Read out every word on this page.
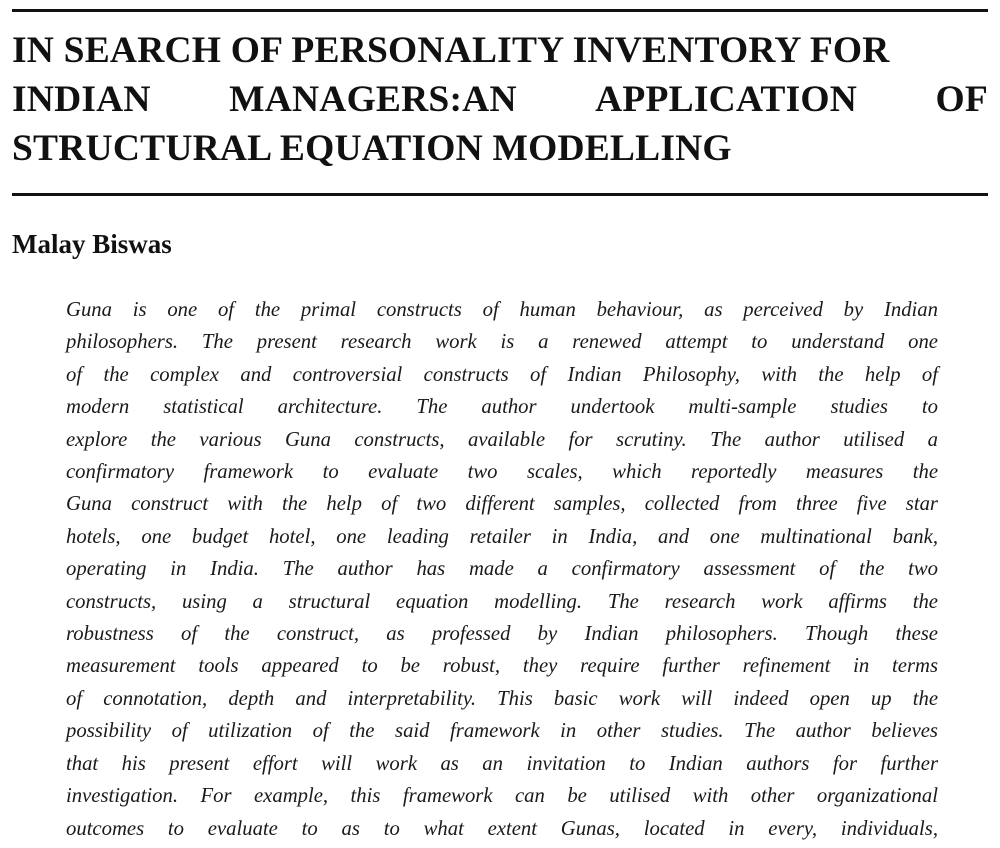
IN SEARCH OF PERSONALITY INVENTORY FOR
INDIAN MANAGERS:AN APPLICATION OF
STRUCTURAL EQUATION MODELLING
Malay Biswas
Guna is one of the primal constructs of human behaviour, as perceived by Indian
philosophers. The present research work is a renewed attempt to understand one
of the complex and controversial constructs of Indian Philosophy, with the help of
modern statistical architecture. The author undertook multi-sample studies to
explore the various Guna constructs, available for scrutiny. The author utilised a
confirmatory framework to evaluate two scales, which reportedly measures the
Guna construct with the help of two different samples, collected from three five star
hotels, one budget hotel, one leading retailer in India, and one multinational bank,
operating in India. The author has made a confirmatory assessment of the two
constructs, using a structural equation modelling. The research work affirms the
robustness of the construct, as professed by Indian philosophers. Though these
measurement tools appeared to be robust, they require further refinement in terms
of connotation, depth and interpretability. This basic work will indeed open up the
possibility of utilization of the said framework in other studies. The author believes
that his present effort will work as an invitation to Indian authors for further
investigation. For example, this framework can be utilised with other organizational
outcomes to evaluate to as to what extent Gunas, located in every, individuals,
